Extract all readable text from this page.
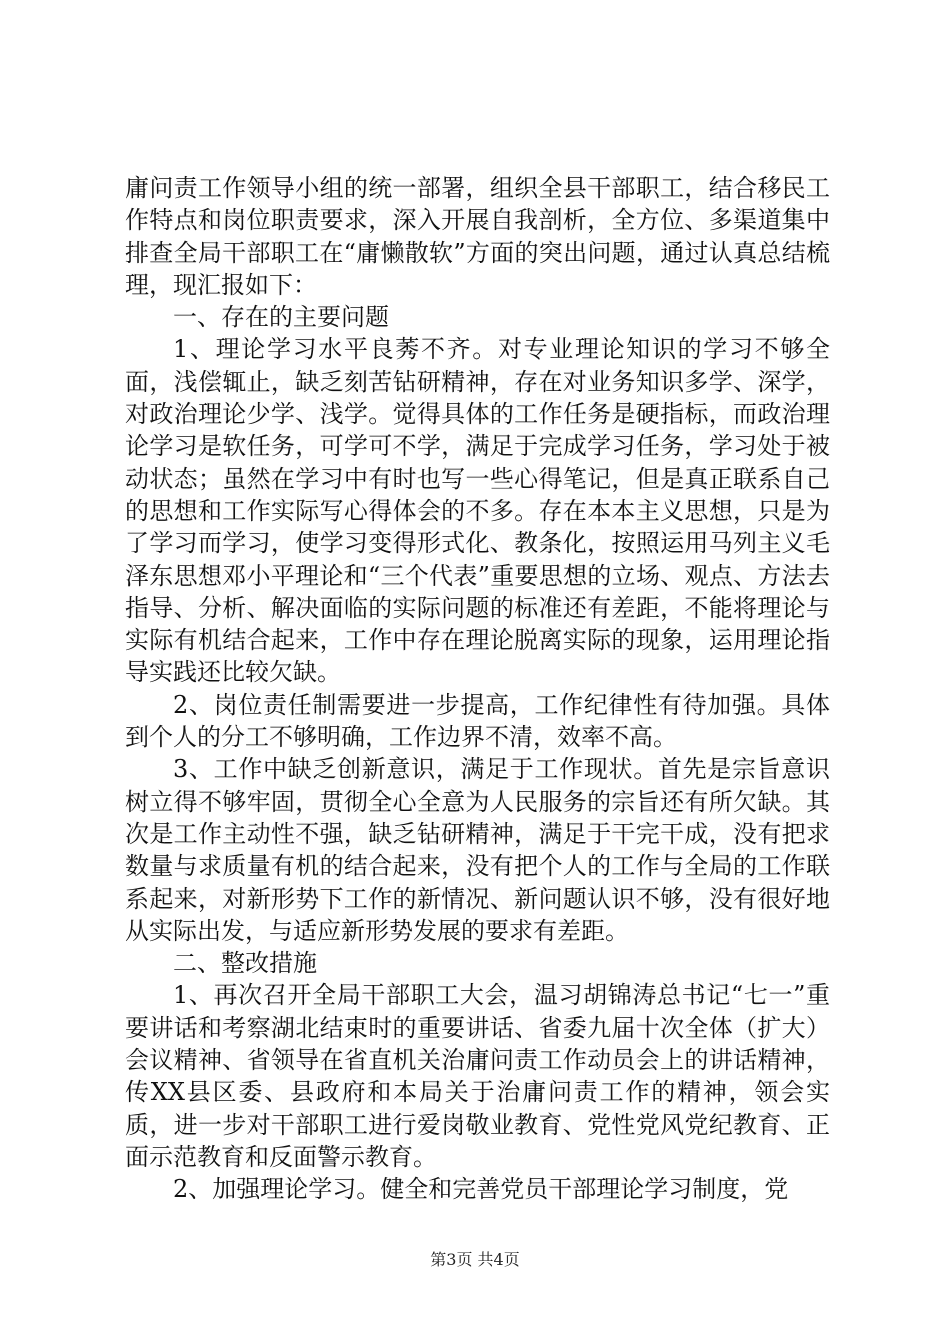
庸问责工作领导小组的统一部署，组织全县干部职工，结合移民工作特点和岗位职责要求，深入开展自我剖析，全方位、多渠道集中排查全局干部职工在“庸懒散软”方面的突出问题，通过认真总结梳理，现汇报如下：

一、存在的主要问题

1、理论学习水平良莠不齐。对专业理论知识的学习不够全面，浅偿辄止，缺乏刻苦钻研精神，存在对业务知识多学、深学，对政治理论少学、浅学。觉得具体的工作任务是硬指标，而政治理论学习是软任务，可学可不学，满足于完成学习任务，学习处于被动状态；虽然在学习中有时也写一些心得笔记，但是真正联系自己的思想和工作实际写心得体会的不多。存在本本主义思想，只是为了学习而学习，使学习变得形式化、教条化，按照运用马列主义毛泽东思想邓小平理论和“三个代表”重要思想的立场、观点、方法去指导、分析、解决面临的实际问题的标准还有差距，不能将理论与实际有机结合起来，工作中存在理论脱离实际的现象，运用理论指导实践还比较欠缺。

2、岗位责任制需要进一步提高，工作纪律性有待加强。具体到个人的分工不够明确，工作边界不清，效率不高。

3、工作中缺乏创新意识，满足于工作现状。首先是宗旨意识树立得不够牢固，贯彻全心全意为人民服务的宗旨还有所欠缺。其次是工作主动性不强，缺乏钻研精神，满足于干完干成，没有把求数量与求质量有机的结合起来，没有把个人的工作与全局的工作联系起来，对新形势下工作的新情况、新问题认识不够，没有很好地从实际出发，与适应新形势发展的要求有差距。

二、整改措施

1、再次召开全局干部职工大会，温习胡锦涛总书记“七一”重要讲话和考察湖北结束时的重要讲话、省委九届十次全体（扩大）会议精神、省领导在省直机关治庸问责工作动员会上的讲话精神，传XX县区委、县政府和本局关于治庸问责工作的精神，领会实质，进一步对干部职工进行爱岗敬业教育、党性党风党纪教育、正面示范教育和反面警示教育。

2、加强理论学习。健全和完善党员干部理论学习制度，党

第3页 共4页
